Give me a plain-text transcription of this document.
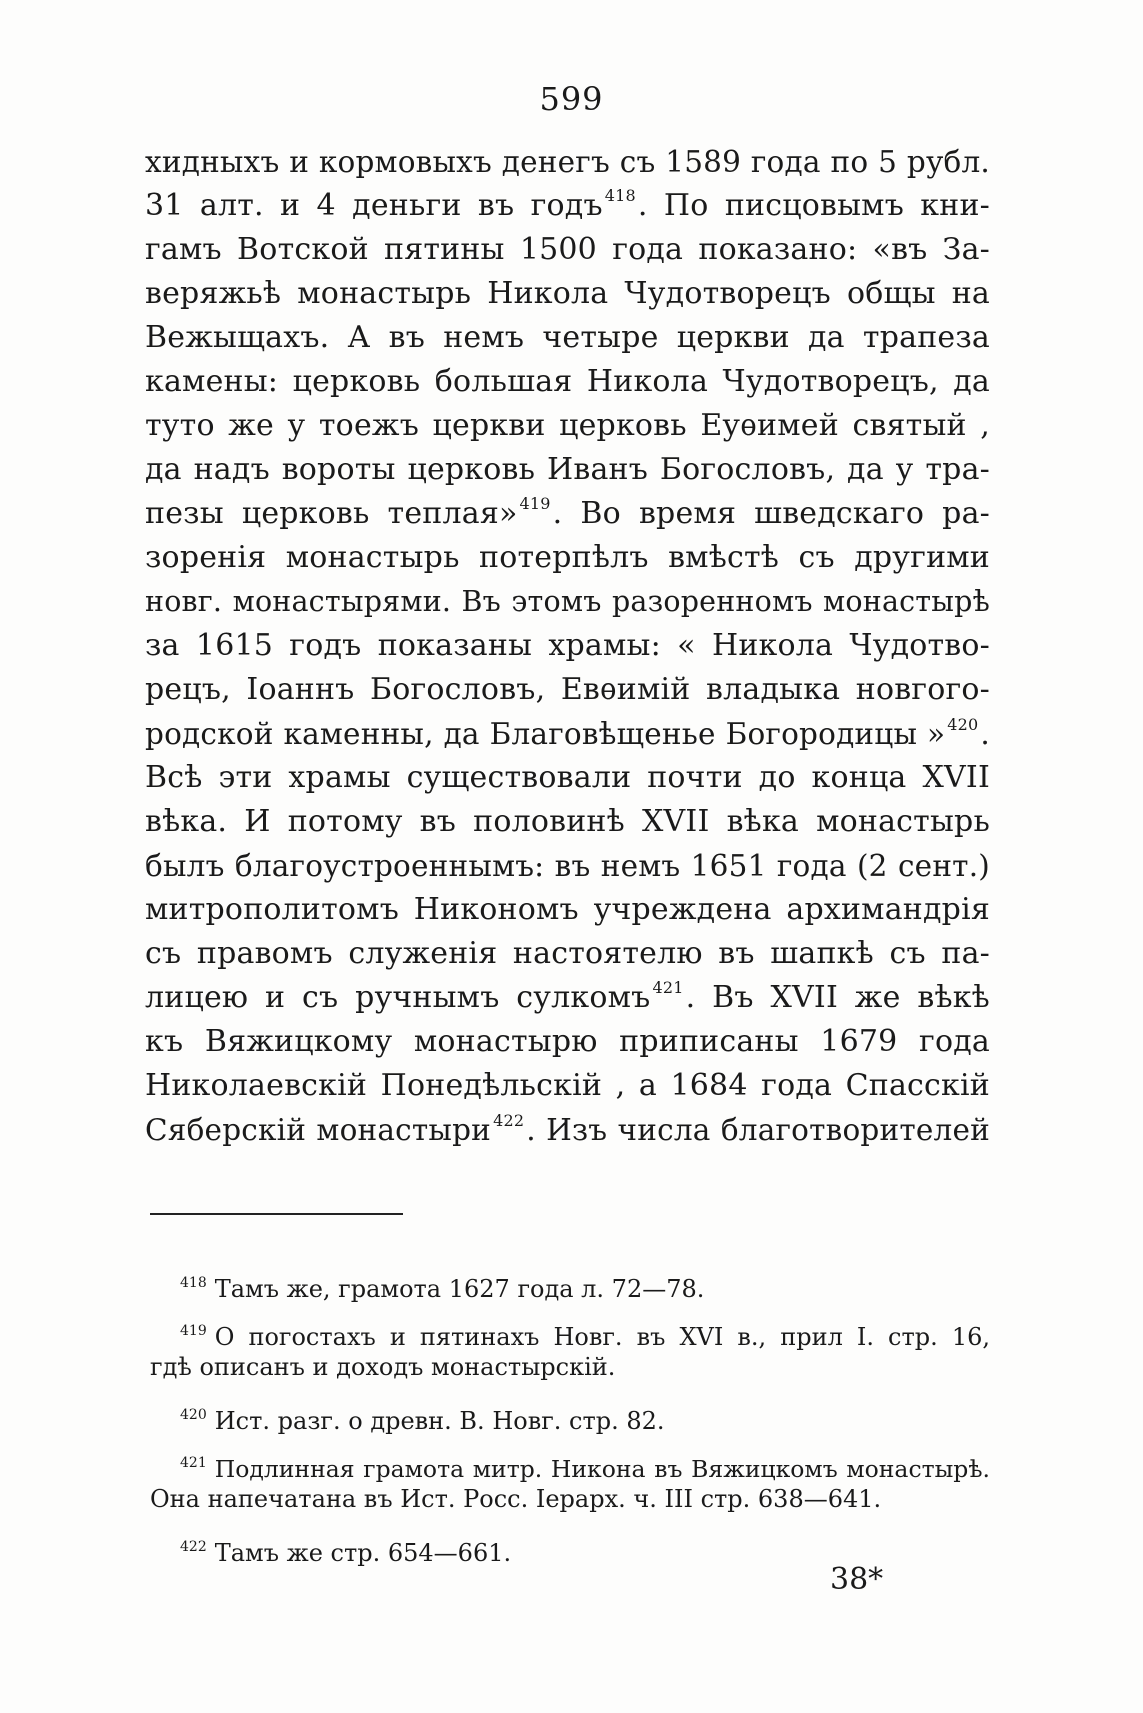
599
хидныхъ и кормовыхъ денегъ съ 1589 года по 5 рубл.
31 алт. и 4 деньги въ годъ $^{418}$. По писцовымъ кни-
гамъ Вотской пятины 1500 года показано: «въ За-
веряжьѣ монастырь Никола Чудотворецъ общы на
Вежыщахъ. А въ немъ четыре церкви да трапеза
камены: церковь большая Никола Чудотворецъ, да
туто же у тоежъ церкви церковь Еуѳимей святый ,
да надъ вороты церковь Иванъ Богословъ, да у тра-
пезы церковь теплая» $^{419}$. Во время шведскаго ра-
зоренія монастырь потерпѣлъ вмѣстѣ съ другими
новг. монастырями. Въ этомъ разоренномъ монастырѣ
за 1615 годъ показаны храмы: « Никола Чудотво-
рецъ, Іоаннъ Богословъ, Евѳимій владыка новгого-
родской каменны, да Благовѣщенье Богородицы » $^{420}$.
Всѣ эти храмы существовали почти до конца XVII
вѣка. И потому въ половинѣ XVII вѣка монастырь
былъ благоустроеннымъ: въ немъ 1651 года (2 сент.)
митрополитомъ Никономъ учреждена архимандрія
съ правомъ служенія настоятелю въ шапкѣ съ па-
лицею и съ ручнымъ сулкомъ $^{421}$. Въ XVII же вѣкѣ
къ Вяжицкому монастырю приписаны 1679 года
Николаевскій Понедѣльскій , а 1684 года Спасскій
Сяберскій монастыри $^{422}$. Изъ числа благотворителей
$^{418}$ Тамъ же, грамота 1627 года л. 72—78.
$^{419}$ О погостахъ и пятинахъ Новг. въ XVI в., прил I. стр. 16,
гдѣ описанъ и доходъ монастырскій.
$^{420}$ Ист. разг. о древн. В. Новг. стр. 82.
$^{421}$ Подлинная грамота митр. Никона въ Вяжицкомъ монастырѣ.
Она напечатана въ Ист. Росс. Іерарх. ч. III стр. 638—641.
$^{422}$ Тамъ же стр. 654—661.
38*
